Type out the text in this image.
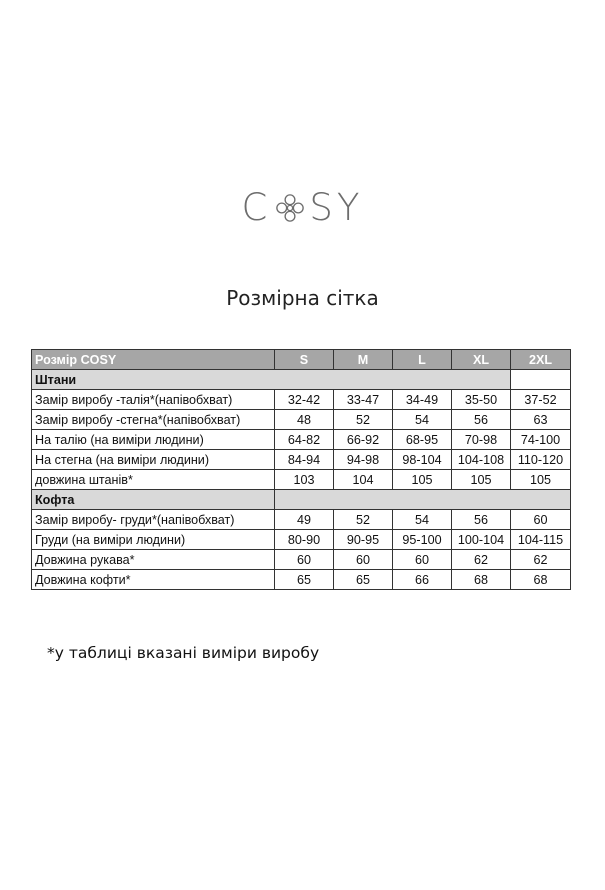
C SY
Розмірна сітка
Розмір COSY	S	M	L	XL	2XL
Штани					
Замір виробу -талія*(напівобхват)	32-42	33-47	34-49	35-50	37-52
Замір виробу -стегна*(напівобхват)	48	52	54	56	63
На талію (на виміри людини)	64-82	66-92	68-95	70-98	74-100
На стегна (на виміри людини)	84-94	94-98	98-104	104-108	110-120
довжина штанів*	103	104	105	105	105
Кофта					
Замір виробу- груди*(напівобхват)	49	52	54	56	60
Груди (на виміри людини)	80-90	90-95	95-100	100-104	104-115
Довжина рукава*	60	60	60	62	62
Довжина кофти*	65	65	66	68	68
*у таблиці вказані виміри виробу
